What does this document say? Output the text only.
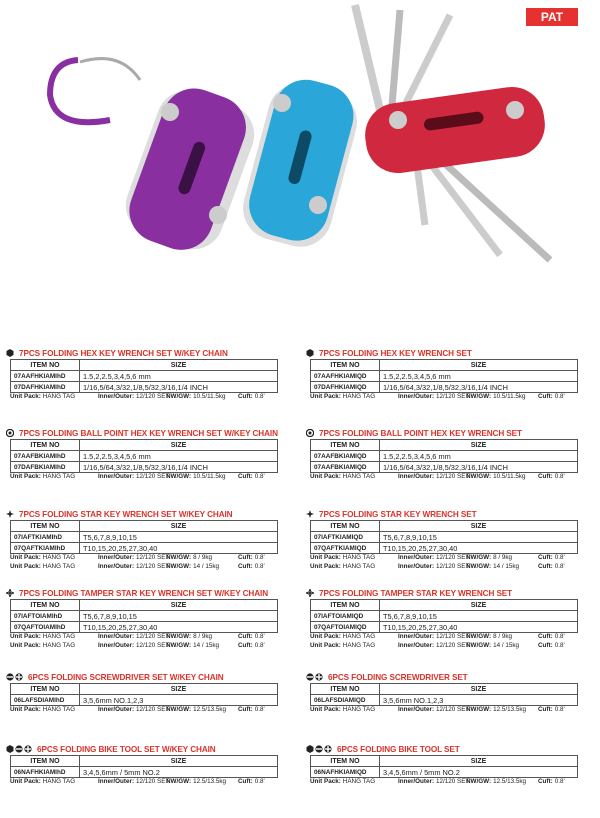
PAT
7PCS FOLDING HEX KEY WRENCH SET W/KEY CHAIN
ITEM NO	SIZE
07AAFHKIAMIhD	1.5,2,2.5,3,4,5,6 mm
07DAFHKIAMIhD	1/16,5/64,3/32,1/8,5/32,3/16,1/4 INCH
Unit Pack: HANG TAG	Inner/Outer: 12/120 SET
NW/GW: 10.5/11.5kg	Cuft: 0.8'
7PCS FOLDING HEX KEY WRENCH SET
ITEM NO	SIZE
07AAFHKIAMIQD	1.5,2,2.5,3,4,5,6 mm
07DAFHKIAMIQD	1/16,5/64,3/32,1/8,5/32,3/16,1/4 INCH
Unit Pack: HANG TAG	Inner/Outer: 12/120 SET
NW/GW: 10.5/11.5kg	Cuft: 0.8'
7PCS FOLDING BALL POINT HEX KEY WRENCH SET W/KEY CHAIN
ITEM NO	SIZE
07AAFBKIAMIhD	1.5,2,2.5,3,4,5,6 mm
07DAFBKIAMIhD	1/16,5/64,3/32,1/8,5/32,3/16,1/4 INCH
Unit Pack: HANG TAG	Inner/Outer: 12/120 SET
NW/GW: 10.5/11.5kg	Cuft: 0.8'
7PCS FOLDING BALL POINT HEX KEY WRENCH SET
ITEM NO	SIZE
07AAFBKIAMIQD	1.5,2,2.5,3,4,5,6 mm
07AAFBKIAMIQD	1/16,5/64,3/32,1/8,5/32,3/16,1/4 INCH
Unit Pack: HANG TAG	Inner/Outer: 12/120 SET
NW/GW: 10.5/11.5kg	Cuft: 0.8'
7PCS FOLDING STAR KEY WRENCH SET W/KEY CHAIN
ITEM NO	SIZE
07IAFTKIAMIhD	T5,6,7,8,9,10,15
07QAFTKIAMIhD	T10,15,20,25,27,30,40
Unit Pack: HANG TAG	Inner/Outer: 12/120 SET
NW/GW: 8 / 9kg	Cuft: 0.8'
Unit Pack: HANG TAG	Inner/Outer: 12/120 SET
NW/GW: 14 / 15kg	Cuft: 0.8'
7PCS FOLDING STAR KEY WRENCH SET
ITEM NO	SIZE
07IAFTKIAMIQD	T5,6,7,8,9,10,15
07QAFTKIAMIQD	T10,15,20,25,27,30,40
Unit Pack: HANG TAG	Inner/Outer: 12/120 SET
NW/GW: 8 / 9kg	Cuft: 0.8'
Unit Pack: HANG TAG	Inner/Outer: 12/120 SET
NW/GW: 14 / 15kg	Cuft: 0.8'
7PCS FOLDING TAMPER STAR KEY WRENCH SET W/KEY CHAIN
ITEM NO	SIZE
07IAFTOIAMIhD	T5,6,7,8,9,10,15
07QAFTOIAMIhD	T10,15,20,25,27,30,40
Unit Pack: HANG TAG	Inner/Outer: 12/120 SET
NW/GW: 8 / 9kg	Cuft: 0.8'
Unit Pack: HANG TAG	Inner/Outer: 12/120 SET
NW/GW: 14 / 15kg	Cuft: 0.8'
7PCS FOLDING TAMPER STAR KEY WRENCH SET
ITEM NO	SIZE
07IAFTOIAMIQD	T5,6,7,8,9,10,15
07QAFTOIAMIQD	T10,15,20,25,27,30,40
Unit Pack: HANG TAG	Inner/Outer: 12/120 SET
NW/GW: 8 / 9kg	Cuft: 0.8'
Unit Pack: HANG TAG	Inner/Outer: 12/120 SET
NW/GW: 14 / 15kg	Cuft: 0.8'
6PCS FOLDING SCREWDRIVER SET W/KEY CHAIN
ITEM NO	SIZE
06LAFSDIAMIhD	3,5,6mm NO.1,2,3
Unit Pack: HANG TAG	Inner/Outer: 12/120 SET
NW/GW: 12.5/13.5kg	Cuft: 0.8'
6PCS FOLDING SCREWDRIVER SET
ITEM NO	SIZE
06LAFSDIAMIQD	3,5,6mm NO.1,2,3
Unit Pack: HANG TAG	Inner/Outer: 12/120 SET
NW/GW: 12.5/13.5kg	Cuft: 0.8'
6PCS FOLDING BIKE TOOL SET W/KEY CHAIN
ITEM NO	SIZE
06NAFHKIAMIhD	3,4,5,6mm / 5mm NO.2
Unit Pack: HANG TAG	Inner/Outer: 12/120 SET
NW/GW: 12.5/13.5kg	Cuft: 0.8'
6PCS FOLDING BIKE TOOL SET
ITEM NO	SIZE
06NAFHKIAMIQD	3,4,5,6mm / 5mm NO.2
Unit Pack: HANG TAG	Inner/Outer: 12/120 SET
NW/GW: 12.5/13.5kg	Cuft: 0.8'
